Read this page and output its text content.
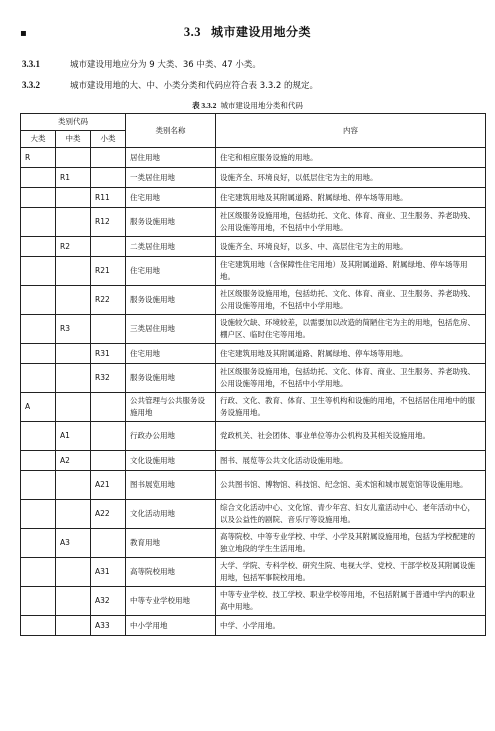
▪	3.3 城市建设用地分类
3.3.1	城市建设用地应分为 9 大类、36 中类、47 小类。
3.3.2	城市建设用地的大、中、小类分类和代码应符合表 3.3.2 的规定。
表 3.3.2 城市建设用地分类和代码
类别代码			类别名称	内容
大类	中类	小类		
R			居住用地	住宅和相应服务设施的用地。
	R1		一类居住用地	设施齐全、环境良好，以低层住宅为主的用地。
		R11	住宅用地	住宅建筑用地及其附属道路、附属绿地、停车场等用地。
		R12	服务设施用地	社区级服务设施用地，包括幼托、文化、体育、商业、卫生服务、养老助残、公用设施等用地，不包括中小学用地。
	R2		二类居住用地	设施齐全、环境良好，以多、中、高层住宅为主的用地。
		R21	住宅用地	住宅建筑用地（含保障性住宅用地）及其附属道路、附属绿地、停车场等用地。
		R22	服务设施用地	社区级服务设施用地，包括幼托、文化、体育、商业、卫生服务、养老助残、公用设施等用地，不包括中小学用地。
	R3		三类居住用地	设施较欠缺、环境较差，以需要加以改造的简陋住宅为主的用地，包括危房、棚户区、临时住宅等用地。
		R31	住宅用地	住宅建筑用地及其附属道路、附属绿地、停车场等用地。
		R32	服务设施用地	社区级服务设施用地，包括幼托、文化、体育、商业、卫生服务、养老助残、公用设施等用地，不包括中小学用地。
A			公共管理与公共服务设施用地	行政、文化、教育、体育、卫生等机构和设施的用地，不包括居住用地中的服务设施用地。
	A1		行政办公用地	党政机关、社会团体、事业单位等办公机构及其相关设施用地。
	A2		文化设施用地	图书、展览等公共文化活动设施用地。
		A21	图书展览用地	公共图书馆、博物馆、科技馆、纪念馆、美术馆和城市展览馆等设施用地。
		A22	文化活动用地	综合文化活动中心、文化馆、青少年宫、妇女儿童活动中心、老年活动中心，以及公益性的剧院、音乐厅等设施用地。
	A3		教育用地	高等院校、中等专业学校、中学、小学及其附属设施用地，包括为学校配建的独立地段的学生生活用地。
		A31	高等院校用地	大学、学院、专科学校、研究生院、电视大学、党校、干部学校及其附属设施用地，包括军事院校用地。
		A32	中等专业学校用地	中等专业学校、技工学校、职业学校等用地，不包括附属于普通中学内的职业高中用地。
		A33	中小学用地	中学、小学用地。
